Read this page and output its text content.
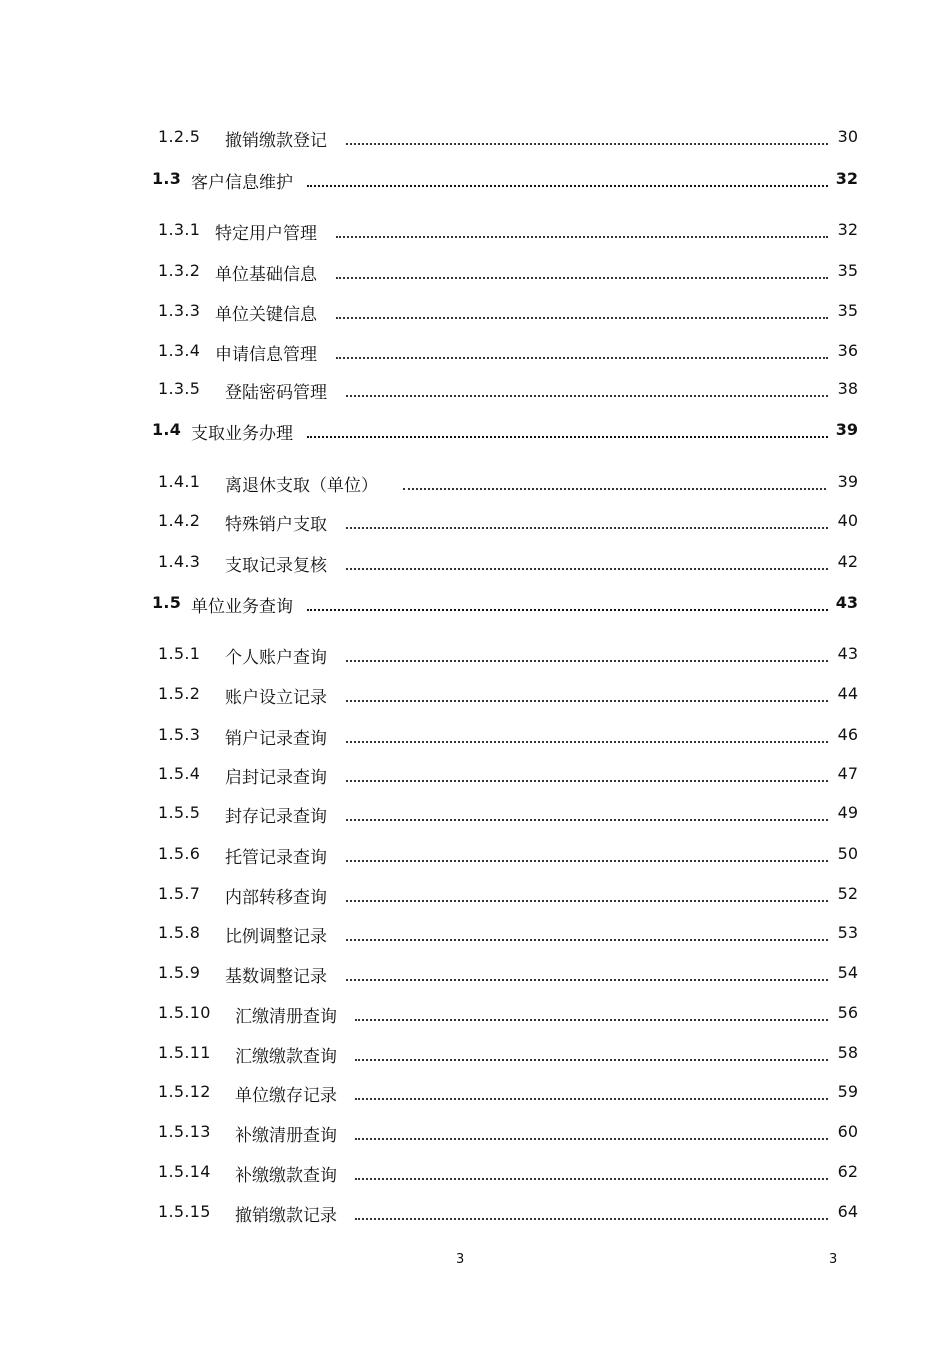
1.2.5 撤销缴款登记	30
1.3 客户信息维护	32
1.3.1 特定用户管理	32
1.3.2 单位基础信息	35
1.3.3 单位关键信息	35
1.3.4 申请信息管理	36
1.3.5 登陆密码管理	38
1.4 支取业务办理	39
1.4.1 离退休支取（单位）	39
1.4.2 特殊销户支取	40
1.4.3 支取记录复核	42
1.5 单位业务查询	43
1.5.1 个人账户查询	43
1.5.2 账户设立记录	44
1.5.3 销户记录查询	46
1.5.4 启封记录查询	47
1.5.5 封存记录查询	49
1.5.6 托管记录查询	50
1.5.7 内部转移查询	52
1.5.8 比例调整记录	53
1.5.9 基数调整记录	54
1.5.10 汇缴清册查询	56
1.5.11 汇缴缴款查询	58
1.5.12 单位缴存记录	59
1.5.13 补缴清册查询	60
1.5.14 补缴缴款查询	62
1.5.15 撤销缴款记录	64
3	3
